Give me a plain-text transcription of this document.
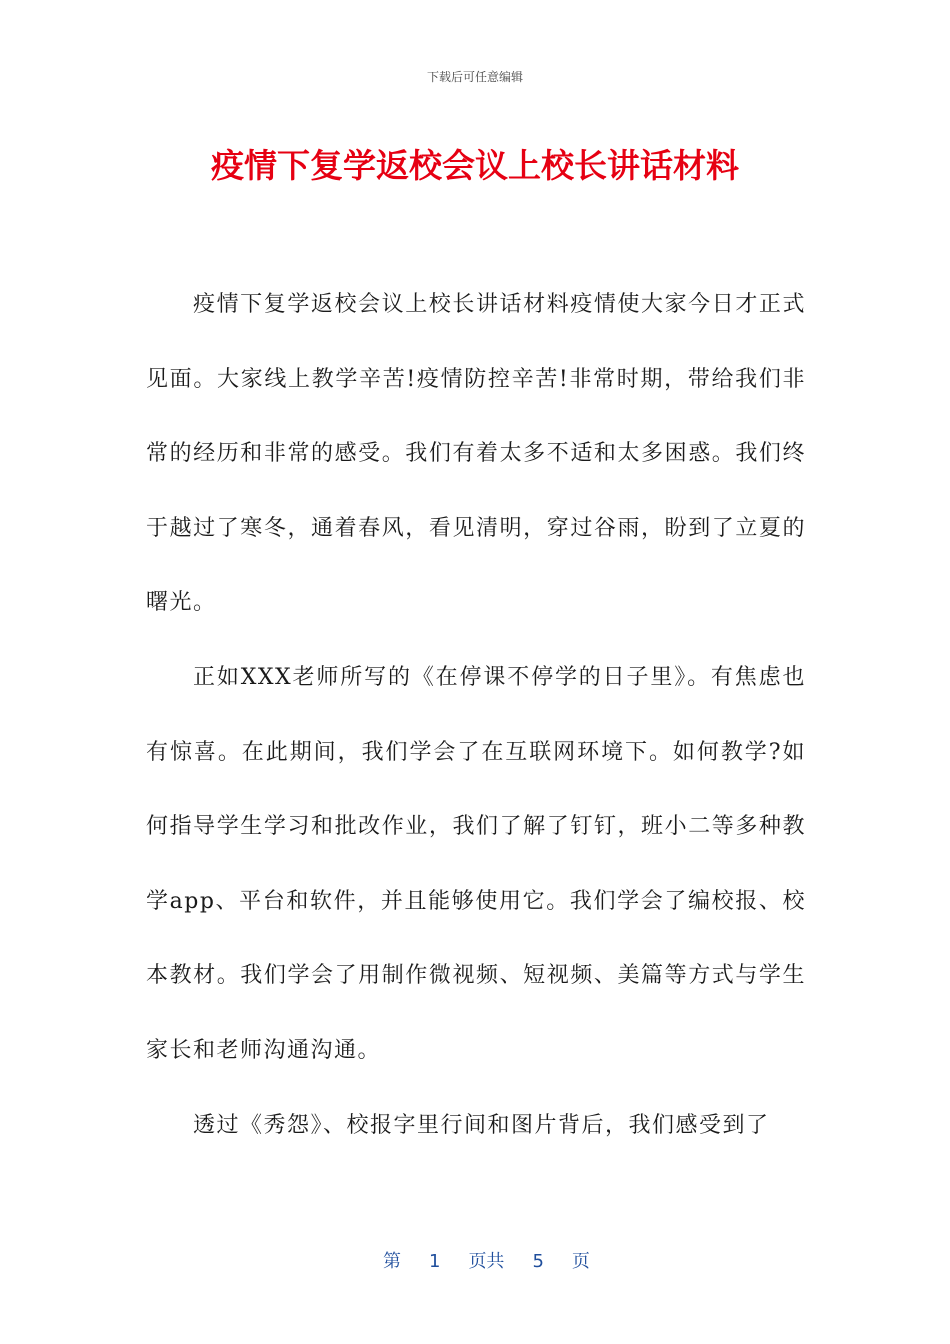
下载后可任意编辑
疫情下复学返校会议上校长讲话材料

疫情下复学返校会议上校长讲话材料疫情使大家今日才正式见面。大家线上教学辛苦!疫情防控辛苦!非常时期，带给我们非常的经历和非常的感受。我们有着太多不适和太多困惑。我们终于越过了寒冬，通着春风，看见清明，穿过谷雨，盼到了立夏的曙光。

正如XXX老师所写的《在停课不停学的日子里》。有焦虑也有惊喜。在此期间，我们学会了在互联网环境下。如何教学?如何指导学生学习和批改作业，我们了解了钉钉，班小二等多种教学app、平台和软件，并且能够使用它。我们学会了编校报、校本教材。我们学会了用制作微视频、短视频、美篇等方式与学生家长和老师沟通沟通。

透过《秀怨》、校报字里行间和图片背后，我们感受到了

第 1 页共 5 页
